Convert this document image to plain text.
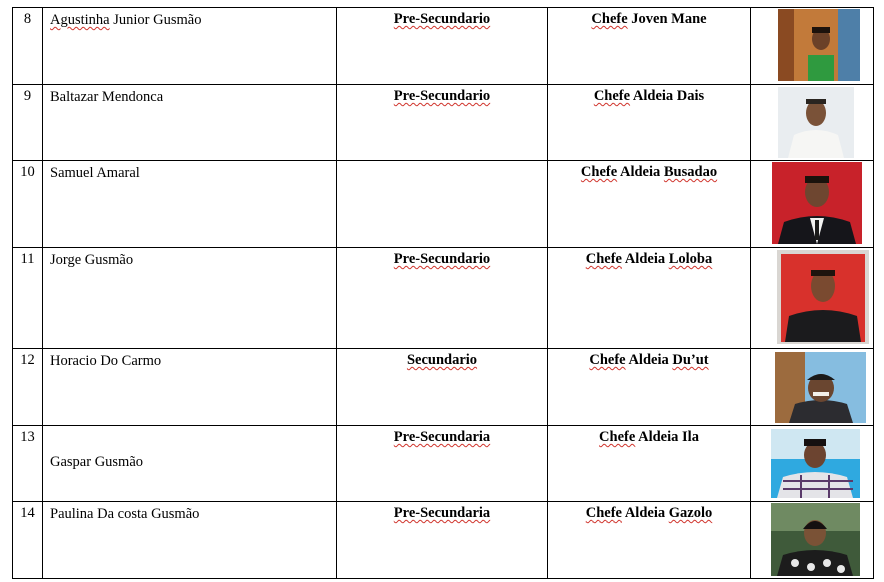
8	Agustinha Junior Gusmão	Pre-Secundario	Chefe Joven Mane	

9	Baltazar Mendonca	Pre-Secundario	Chefe Aldeia Dais	

10	Samuel Amaral		Chefe Aldeia Busadao	

11	Jorge Gusmão	Pre-Secundario	Chefe Aldeia Loloba	

12	Horacio Do Carmo	Secundario	Chefe Aldeia Du’ut	

13	Gaspar Gusmão	Pre-Secundaria	Chefe Aldeia Ila	

14	Paulina Da costa Gusmão	Pre-Secundaria	Chefe Aldeia Gazolo	
